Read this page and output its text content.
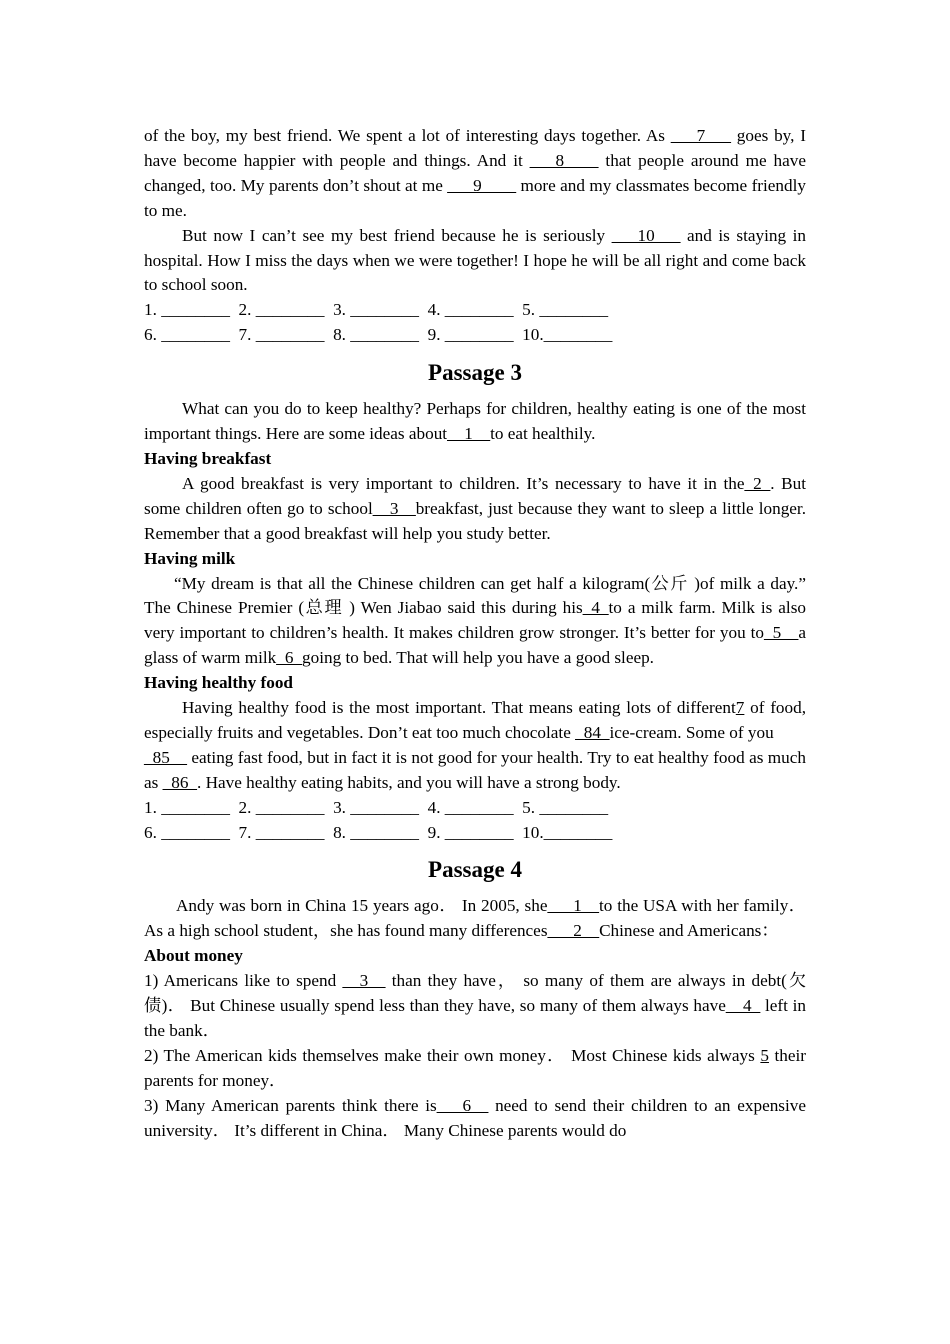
of the boy, my best friend. We spent a lot of interesting days together. As ___7___ goes by, I have become happier with people and things. And it ___8____ that people around me have changed, too. My parents don’t shout at me ___9____ more and my classmates become friendly to me.

But now I can’t see my best friend because he is seriously ___10___ and is staying in hospital. How I miss the days when we were together! I hope he will be all right and come back to school soon.

1. ________  2. ________  3. ________  4. ________  5. ________

6. ________  7. ________  8. ________  9. ________  10.________

Passage 3

What can you do to keep healthy? Perhaps for children, healthy eating is one of the most important things. Here are some ideas about__1__to eat healthily.

Having breakfast

A good breakfast is very important to children. It’s necessary to have it in the_2_. But some children often go to school__3__breakfast, just because they want to sleep a little longer. Remember that a good breakfast will help you study better.

Having milk

“My dream is that all the Chinese children can get half a kilogram(公斤 )of milk a day.” The Chinese Premier (总理 ) Wen Jiabao said this during his_4_to a milk farm. Milk is also very important to children’s health. It makes children grow stronger. It’s better for you to_5__a glass of warm milk_6_going to bed. That will help you have a good sleep.

Having healthy food

Having healthy food is the most important. That means eating lots of different7 of food, especially fruits and vegetables. Don’t eat too much chocolate _84_ice-cream. Some of you

_85__ eating fast food, but in fact it is not good for your health. Try to eat healthy food as much as _86_. Have healthy eating habits, and you will have a strong body.

1. ________  2. ________  3. ________  4. ________  5. ________

6. ________  7. ________  8. ________  9. ________  10.________

Passage 4

Andy was born in China 15 years ago． In 2005, she___1__to the USA with her family． As a high school student，she has found many differences___2__Chinese and Americans：

About money

1) Americans like to spend __3__ than they have， so many of them are always in debt(欠债)． But Chinese usually spend less than they have, so many of them always have__4_ left in the bank．

2) The American kids themselves make their own money． Most Chinese kids always 5 their parents for money．

3) Many American parents think there is___6__ need to send their children to an expensive university． It’s different in China． Many Chinese parents would do
